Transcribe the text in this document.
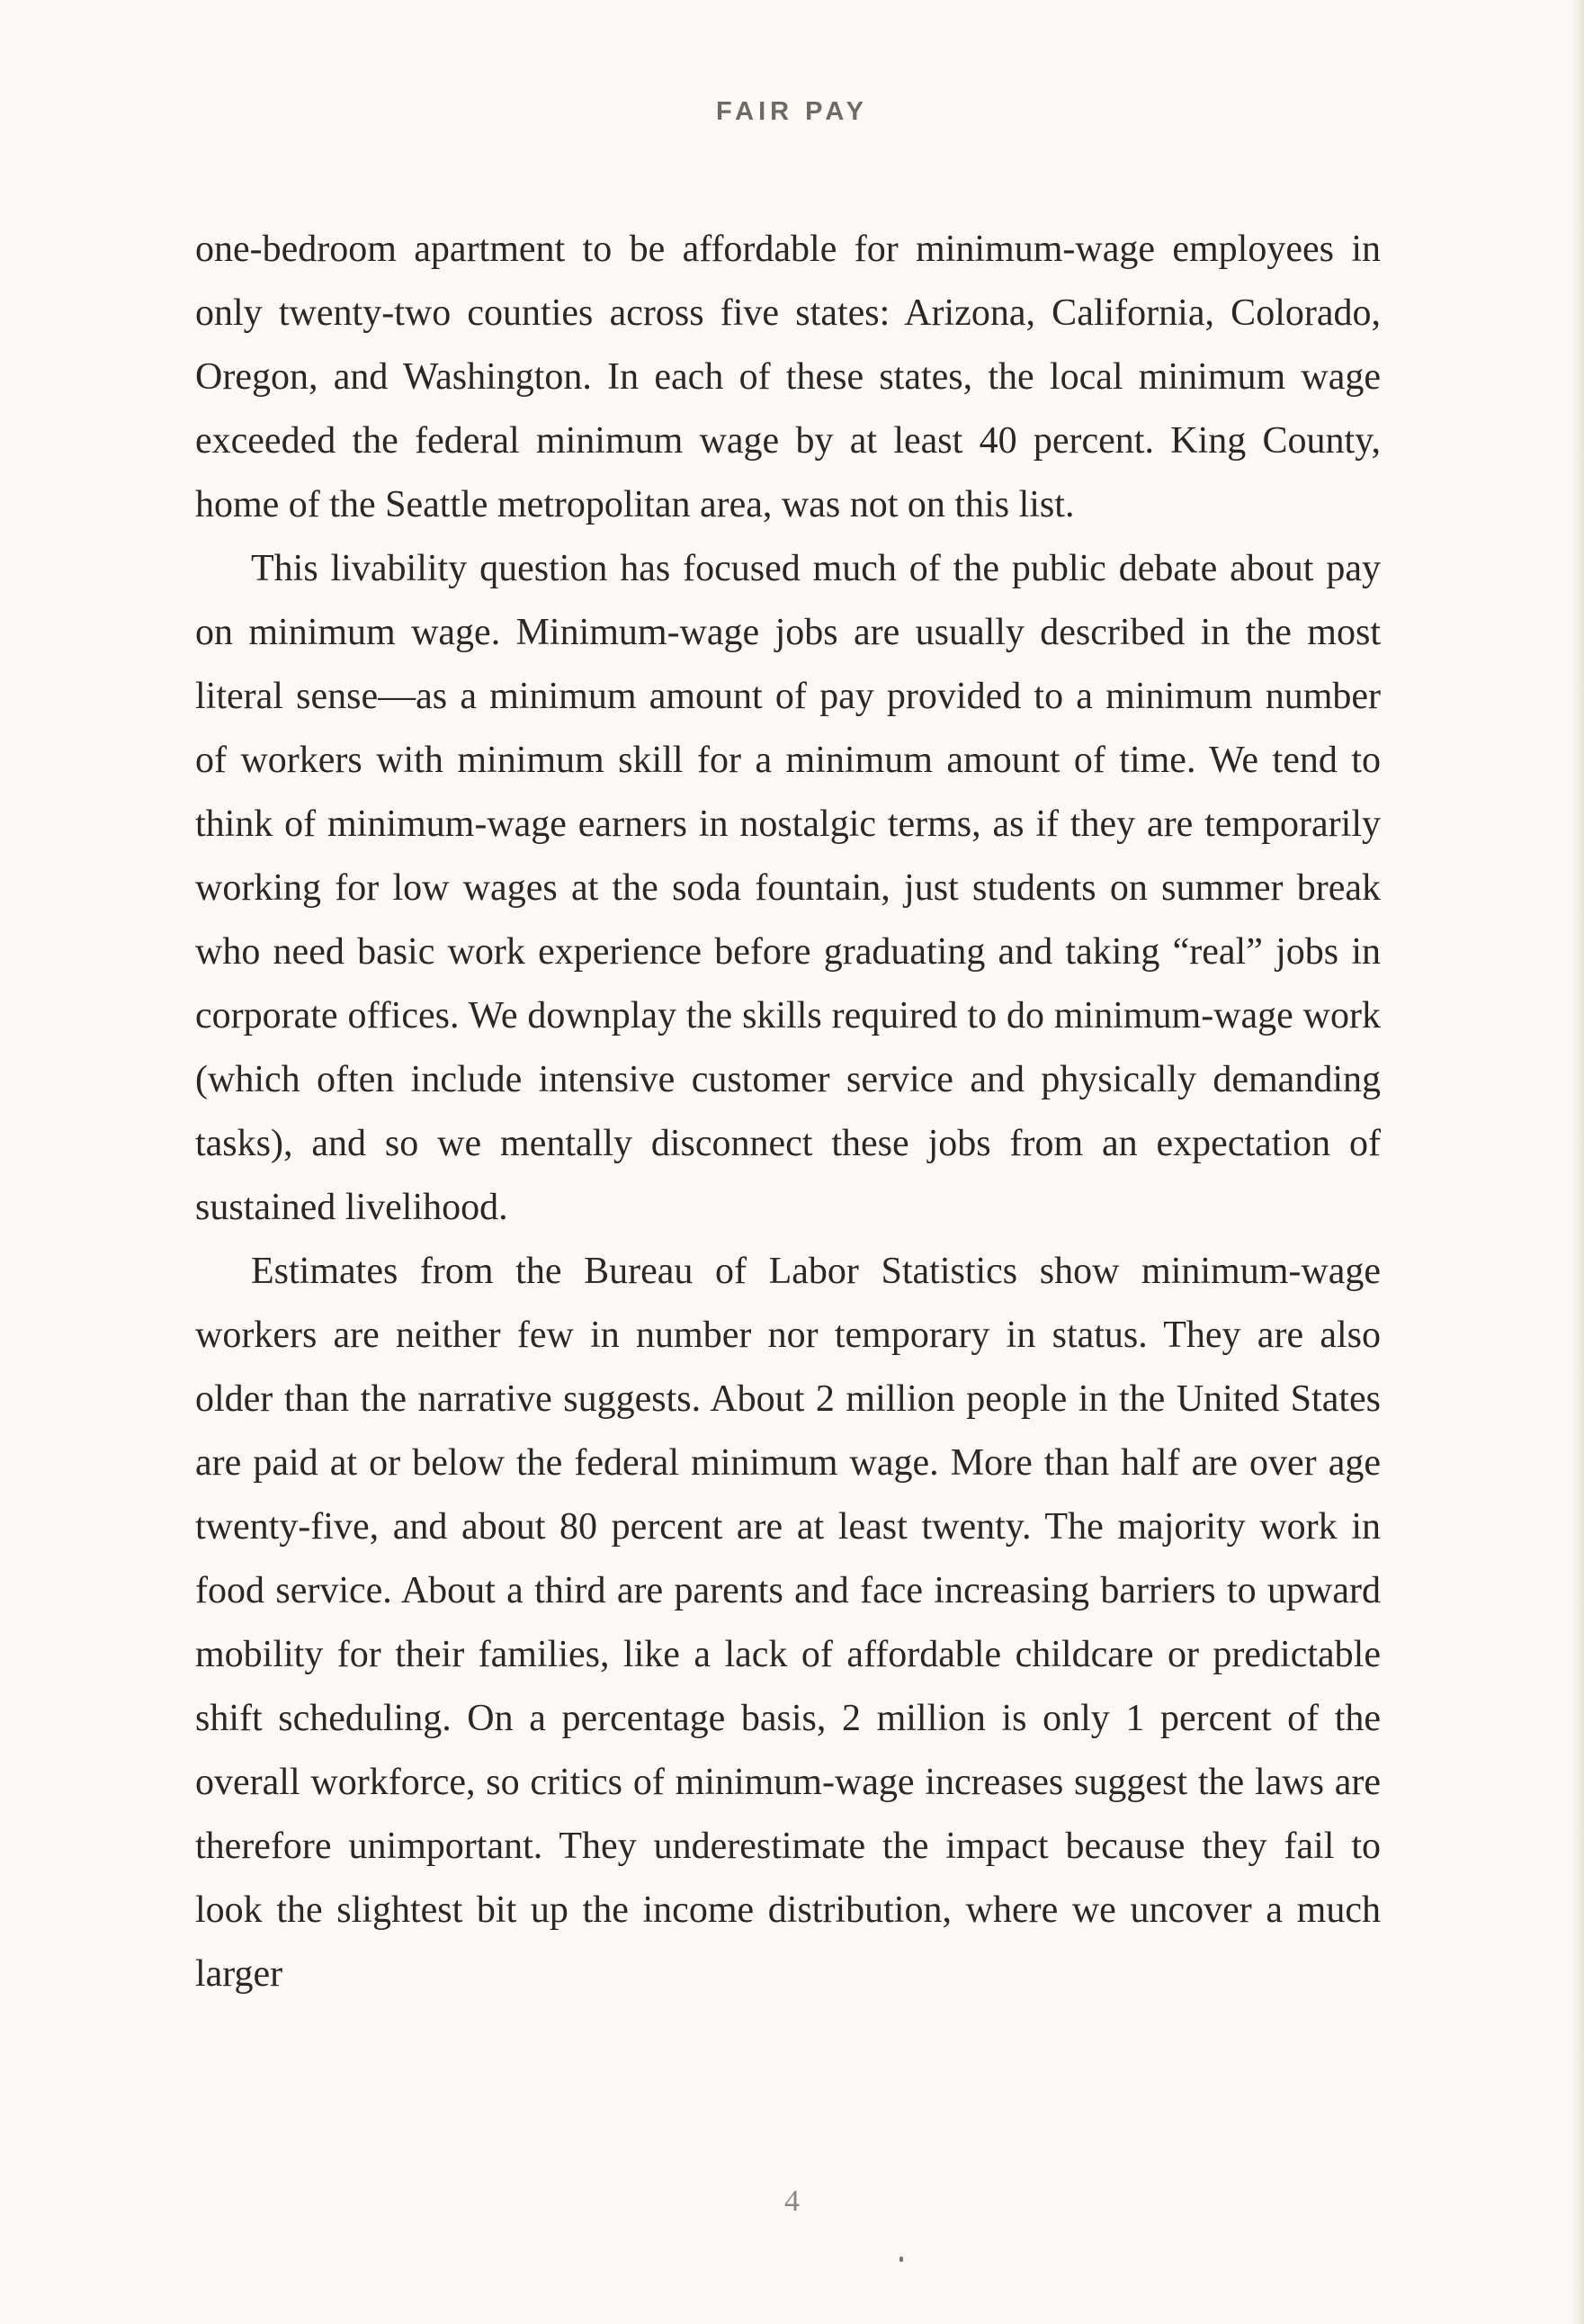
FAIR PAY

one-bedroom apartment to be affordable for minimum-wage employees in only twenty-two counties across five states: Arizona, California, Colorado, Oregon, and Washington. In each of these states, the local minimum wage exceeded the federal minimum wage by at least 40 percent. King County, home of the Seattle metropolitan area, was not on this list.

This livability question has focused much of the public debate about pay on minimum wage. Minimum-wage jobs are usually described in the most literal sense—as a minimum amount of pay provided to a minimum number of workers with minimum skill for a minimum amount of time. We tend to think of minimum-wage earners in nostalgic terms, as if they are temporarily working for low wages at the soda fountain, just students on summer break who need basic work experience before graduating and taking “real” jobs in corporate offices. We downplay the skills required to do minimum-wage work (which often include intensive customer service and physically demanding tasks), and so we mentally disconnect these jobs from an expectation of sustained livelihood.

Estimates from the Bureau of Labor Statistics show minimum-wage workers are neither few in number nor temporary in status. They are also older than the narrative suggests. About 2 million people in the United States are paid at or below the federal minimum wage. More than half are over age twenty-five, and about 80 percent are at least twenty. The majority work in food service. About a third are parents and face increasing barriers to upward mobility for their families, like a lack of affordable childcare or predictable shift scheduling. On a percentage basis, 2 million is only 1 percent of the overall workforce, so critics of minimum-wage increases suggest the laws are therefore unimportant. They underestimate the impact because they fail to look the slightest bit up the income distribution, where we uncover a much larger

4
